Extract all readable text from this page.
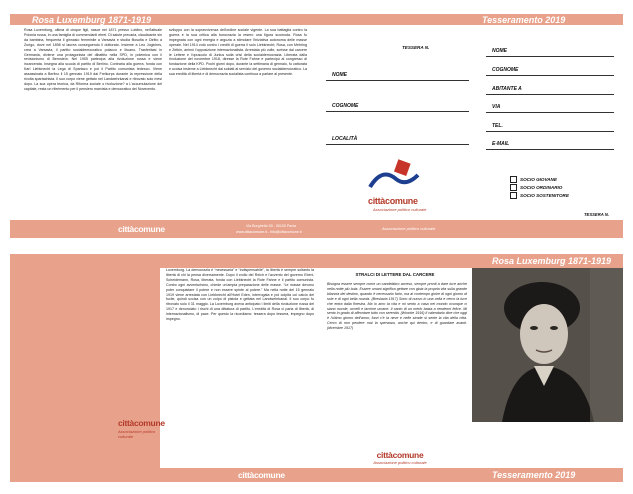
Rosa Luxemburg 1871-1919	Tesseramento 2019
Rosa Luxemburg, ultima di cinque figli, nasce nel 1871 presso Lublino, nell'attuale Polonia russa, in una famiglia di commercianti ebrei. Di salute precaria, claudicante sin da bambina, frequenta il ginnasio femminile a Varsavia e studia filosofia e Diritto a Zurigo, dove nel 1898 si laurea conseguendo il dottorato. Insieme a Leo Jogiches, crea a Varsavia, il partito socialdemocratico polacco e lituano. Trasferitasi in Germania, diviene una protagonista del dibattito nella SPD, in polemica con il revisionismo di Bernstein. Nel 1905 partecipa alla rivoluzione russa e viene incarcerata. Insegna alla scuola di partito di Berlino. Contraria alla guerra, fonda con Karl Liebknecht la Lega di Spartaco e poi il Partito comunista tedesco. Viene assassinata a Berlino il 15 gennaio 1919 dai Freikorps durante la repressione della rivolta spartachista. Il suo corpo viene gettato nel Landwehrkanal e ritrovato solo mesi dopo. La sua opera teorica, da Riforma sociale o rivoluzione? a L'accumulazione del capitale, resta un riferimento per il pensiero marxista e democratico del Novecento.
sviluppo con la sopravvivenza dell'ordine sociale vigente. La sua battaglia contro la guerra e la sua critica alla burocrazia la resero una figura scomoda. Rosa fu impegnata con ogni energia e arguzia a stimolare l'iniziativa autonoma delle masse operaie. Nel 1914 votò contro i crediti di guerra il solo Liebknecht; Rosa, con Mehring e Zetkin, animò l'opposizione internazionalista. Arrestata più volte, scrisse dal carcere le Lettere e l'opuscolo di Junius sulla crisi della socialdemocrazia. Liberata dalla rivoluzione del novembre 1918, diresse la Rote Fahne e partecipò al congresso di fondazione della KPD. Pochi giorni dopo, durante la settimana di gennaio, fu catturata e uccisa insieme a Liebknecht dai soldati al servizio del governo socialdemocratico. La sua eredità di libertà e di democrazia socialista continua a parlare al presente.
TESSERA N.
NOME
COGNOME
LOCALITÀ
cittàcomune
Associazione politico culturale
NOME
COGNOME
ABITANTE A
VIA
TEL.
E-MAIL
SOCIO GIOVANE
SOCIO ORDINARIO
SOCIO SOSTENITORE
TESSERA N.
cittàcomune	Via Borghetto 00 - 00100 Pavia
www.cittacomune.it - info@cittacomune.it
Associazione politico culturale
Rosa Luxemburg 1871-1919
cittàcomune
Associazione politico culturale
Luxemburg. La democrazia è “necessaria” e “indispensabile”, la libertà è sempre soltanto la libertà di chi la pensa diversamente. Dopo il crollo del Reich e l'avvento del governo Ebert-Scheidemann, Rosa, liberata, fonda con Liebknecht la Rote Fahne e il partito comunista. Contro ogni avventurismo, chiede un'ampia preparazione delle masse. “Le masse devono poter conquistare il potere e non essere spinte al potere.” Ma nella notte del 15 gennaio 1919 viene arrestata con Liebknecht all'Hotel Eden, interrogata e poi colpita col calcio del fucile, quindi uccisa con un colpo di pistola e gettata nel Landwehrkanal. Il suo corpo fu ritrovato solo il 31 maggio. La Luxemburg aveva anticipato i limiti della rivoluzione russa del 1917 e denunciato i rischi di una dittatura di partito. L'eredità di Rosa ci parla di libertà, di internazionalismo, di pace. Per questo la ricordiamo: tessera dopo tessera, impegno dopo impegno.
STRALCI DI LETTERE DAL CARCERE
Bisogna essere sempre come un candelabro acceso, sempre pronti a dare luce anche nella notte più buia. Essere umani significa gettare con gioia la propria vita sulla grande bilancia del destino, quando è necessario farlo, ma al contempo gioire di ogni giorno di sole e di ogni bella nuvola. (Breslavia 1917) Sono di nuovo in una cella e cerco la luce che entra dalla finestra. Ma io amo la vita e mi sento a casa nel mondo ovunque ci siano nuvole, uccelli e lacrime umane. Il canto di un merlo basta a rendermi felice. Mi sento in grado di affrontare tutto con serenità. (Wronke 1916) Il calendario dice che oggi è l'ultimo giorno dell'anno; fuori c'è la neve e nelle strade si sente la vita della città. Cerco di non perdere mai la speranza, anche qui dentro, e di guardare avanti. (dicembre 1917)
cittàcomune	Tesseramento 2019
cittàcomune
Associazione politico culturale
